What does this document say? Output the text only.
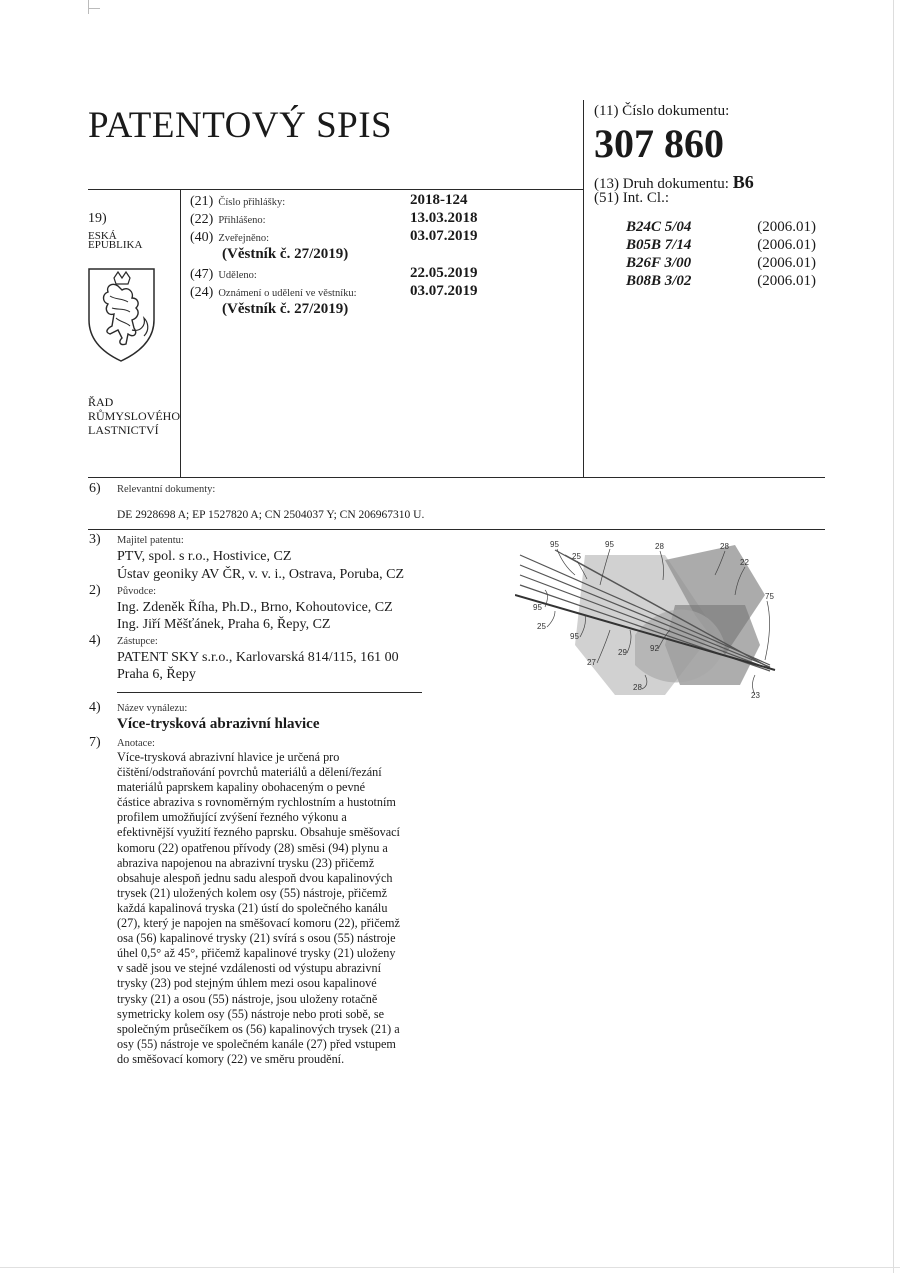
PATENTOVÝ SPIS	(11) Číslo dokumentu:
307 860
(13) Druh dokumentu: B6
(51) Int. Cl.:
B24C 5/04	(2006.01)
B05B 7/14	(2006.01)
B26F 3/00	(2006.01)
B08B 3/02	(2006.01)
19)
ESKÁ
EPUBLIKA
ŘAD
RŮMYSLOVÉHO
LASTNICTVÍ
(21) Číslo přihlášky:	2018-124
(22) Přihlášeno:	13.03.2018
(40) Zveřejněno:	03.07.2019
(Věstník č. 27/2019)
(47) Uděleno:	22.05.2019
(24) Oznámení o udělení ve věstníku:	03.07.2019
(Věstník č. 27/2019)
6) Relevantní dokumenty:
DE 2928698 A; EP 1527820 A; CN 2504037 Y; CN 206967310 U.
3) Majitel patentu:
PTV, spol. s r.o., Hostivice, CZ
Ústav geoniky AV ČR, v. v. i., Ostrava, Poruba, CZ
2) Původce:
Ing. Zdeněk Říha, Ph.D., Brno, Kohoutovice, CZ
Ing. Jiří Měšťánek, Praha 6, Řepy, CZ
4) Zástupce:
PATENT SKY s.r.o., Karlovarská 814/115, 161 00
Praha 6, Řepy
4) Název vynálezu:
Více-trysková abrazivní hlavice
7) Anotace:
Více-trysková abrazivní hlavice je určená pro
čištění/odstraňování povrchů materiálů a dělení/řezání
materiálů paprskem kapaliny obohaceným o pevné
částice abraziva s rovnoměrným rychlostním a hustotním
profilem umožňující zvýšení řezného výkonu a
efektivnější využití řezného paprsku. Obsahuje směšovací
komoru (22) opatřenou přívody (28) směsi (94) plynu a
abraziva napojenou na abrazivní trysku (23) přičemž
obsahuje alespoň jednu sadu alespoň dvou kapalinových
trysek (21) uložených kolem osy (55) nástroje, přičemž
každá kapalinová tryska (21) ústí do společného kanálu
(27), který je napojen na směšovací komoru (22), přičemž
osa (56) kapalinové trysky (21) svírá s osou (55) nástroje
úhel 0,5° až 45°, přičemž kapalinové trysky (21) uloženy
v sadě jsou ve stejné vzdálenosti od výstupu abrazivní
trysky (23) pod stejným úhlem mezi osou kapalinové
trysky (21) a osou (55) nástroje, jsou uloženy rotačně
symetricky kolem osy (55) nástroje nebo proti sobě, se
společným průsečíkem os (56) kapalinových trysek (21) a
osy (55) nástroje ve společném kanále (27) před vstupem
do směšovací komory (22) ve směru proudění.
95
25
95	28	28
22
75
95
25
95
27
29	92
28
23
